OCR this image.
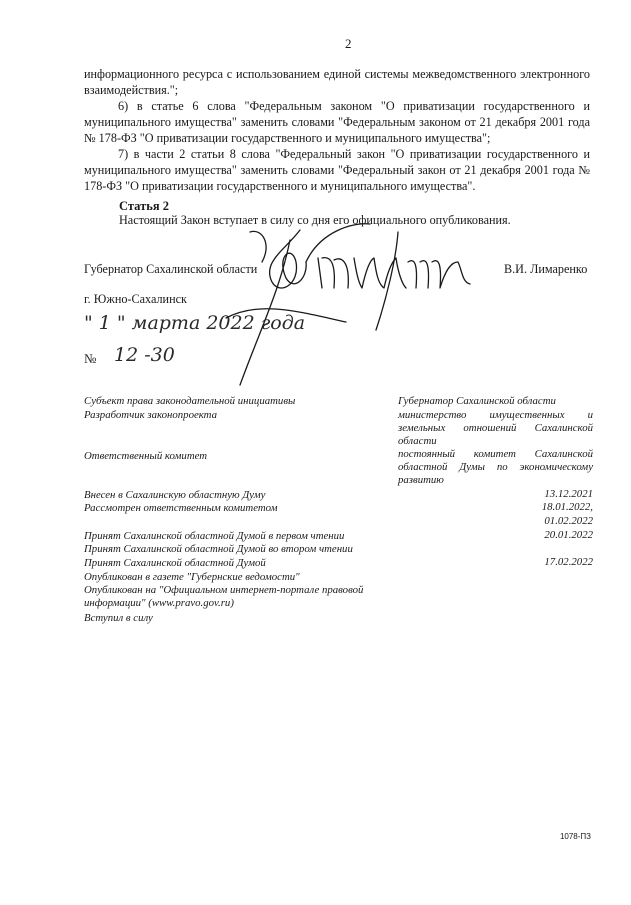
2

информационного ресурса с использованием единой системы межведомственного электронного взаимодействия.";

6) в статье 6 слова "Федеральным законом "О приватизации государственного и муниципального имущества" заменить словами "Федеральным законом от 21 декабря 2001 года № 178-ФЗ "О приватизации государственного и муниципального имущества";

7) в части 2 статьи 8 слова "Федеральный закон "О приватизации государственного и муниципального имущества" заменить словами "Федеральный закон от 21 декабря 2001 года № 178-ФЗ "О приватизации государственного и муниципального имущества".

Статья 2
Настоящий Закон вступает в силу со дня его официального опубликования.
Губернатор Сахалинской области	В.И. Лимаренко
г. Южно-Сахалинск
" 1 " марта 2022 года
№ 12 -30
Субъект права законодательной инициативы	Губернатор Сахалинской области
Разработчик законопроекта	министерство имущественных и земельных отношений Сахалинской области
Ответственный комитет	постоянный комитет Сахалинской областной Думы по экономическому развитию
Внесен в Сахалинскую областную Думу	13.12.2021
Рассмотрен ответственным комитетом	18.01.2022,
01.02.2022
Принят Сахалинской областной Думой в первом чтении	20.01.2022
Принят Сахалинской областной Думой во втором чтении
Принят Сахалинской областной Думой	17.02.2022
Опубликован в газете "Губернские ведомости"
Опубликован на "Официальном интернет-портале правовой информации" (www.pravo.gov.ru)
Вступил в силу
1078-ПЗ
